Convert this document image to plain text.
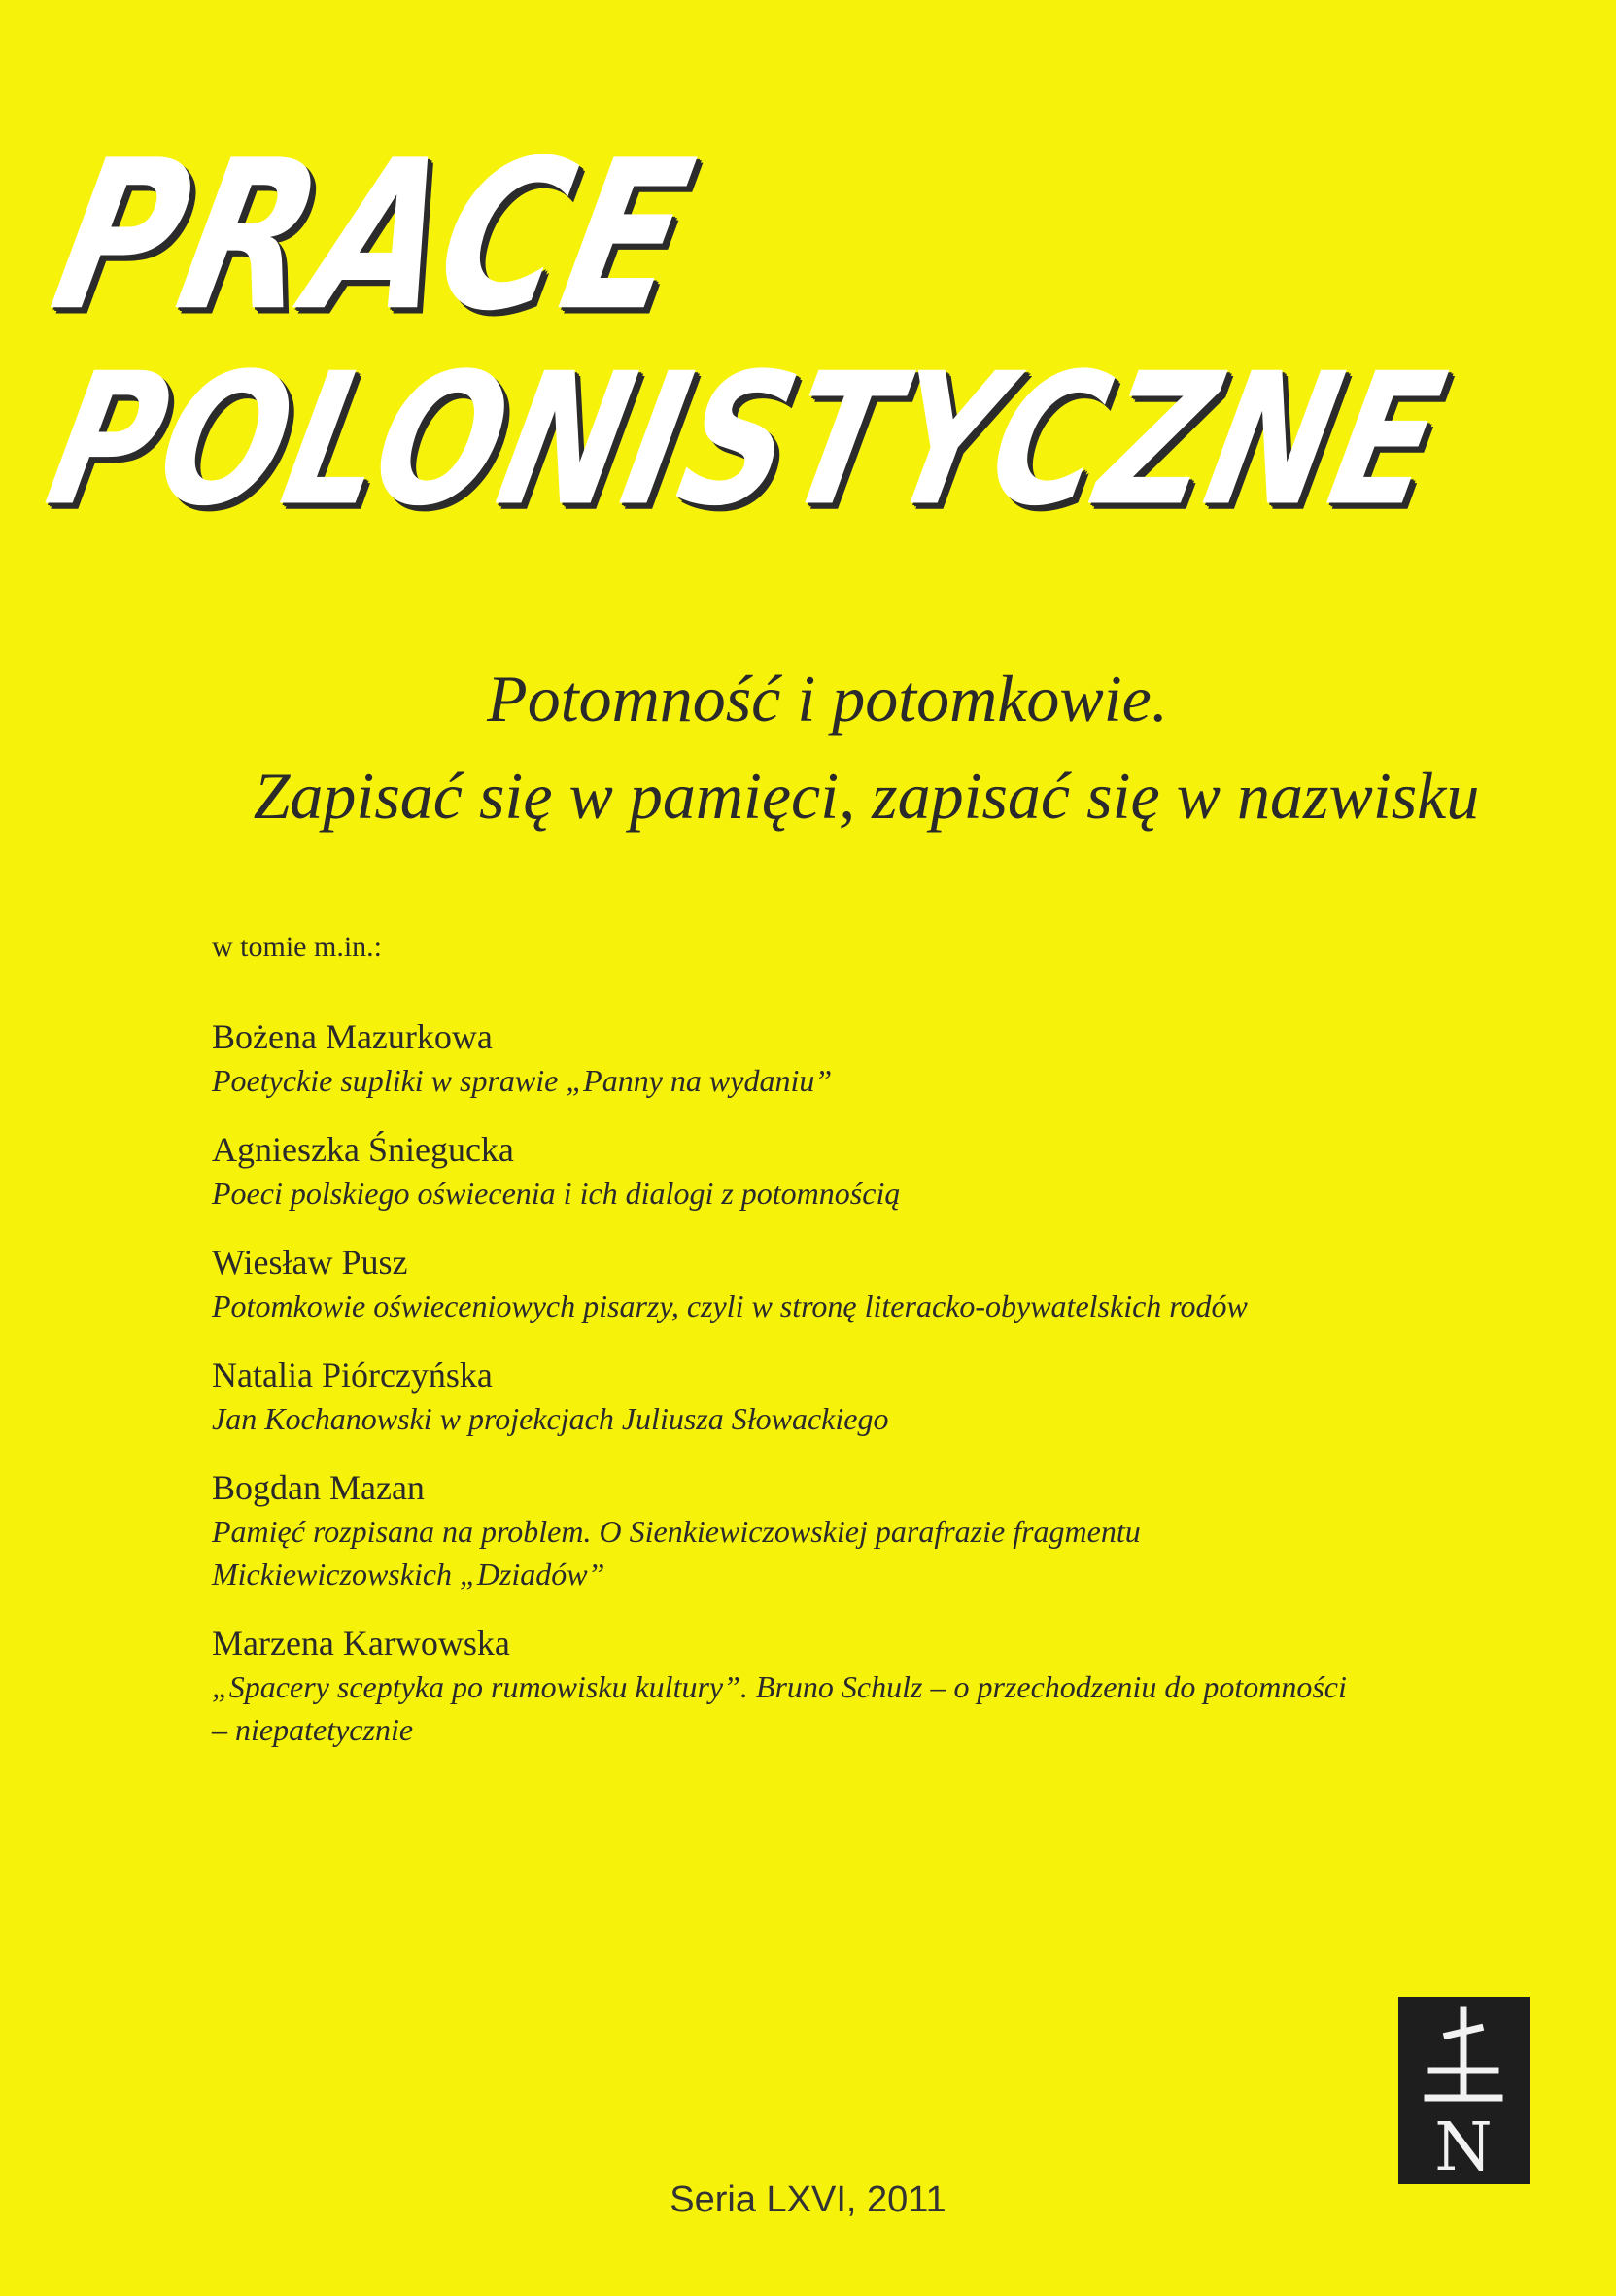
PRACE
POLONISTYCZNE
Potomność i potomkowie.
Zapisać się w pamięci, zapisać się w nazwisku
w tomie m.in.:
Bożena Mazurkowa
Poetyckie supliki w sprawie „Panny na wydaniu”
Agnieszka Śniegucka
Poeci polskiego oświecenia i ich dialogi z potomnością
Wiesław Pusz
Potomkowie oświeceniowych pisarzy, czyli w stronę literacko-obywatelskich rodów
Natalia Piórczyńska
Jan Kochanowski w projekcjach Juliusza Słowackiego
Bogdan Mazan
Pamięć rozpisana na problem. O Sienkiewiczowskiej parafrazie fragmentu
Mickiewiczowskich „Dziadów”
Marzena Karwowska
„Spacery sceptyka po rumowisku kultury”. Bruno Schulz – o przechodzeniu do potomności
– niepatetycznie
Ł
N
Seria LXVI, 2011
